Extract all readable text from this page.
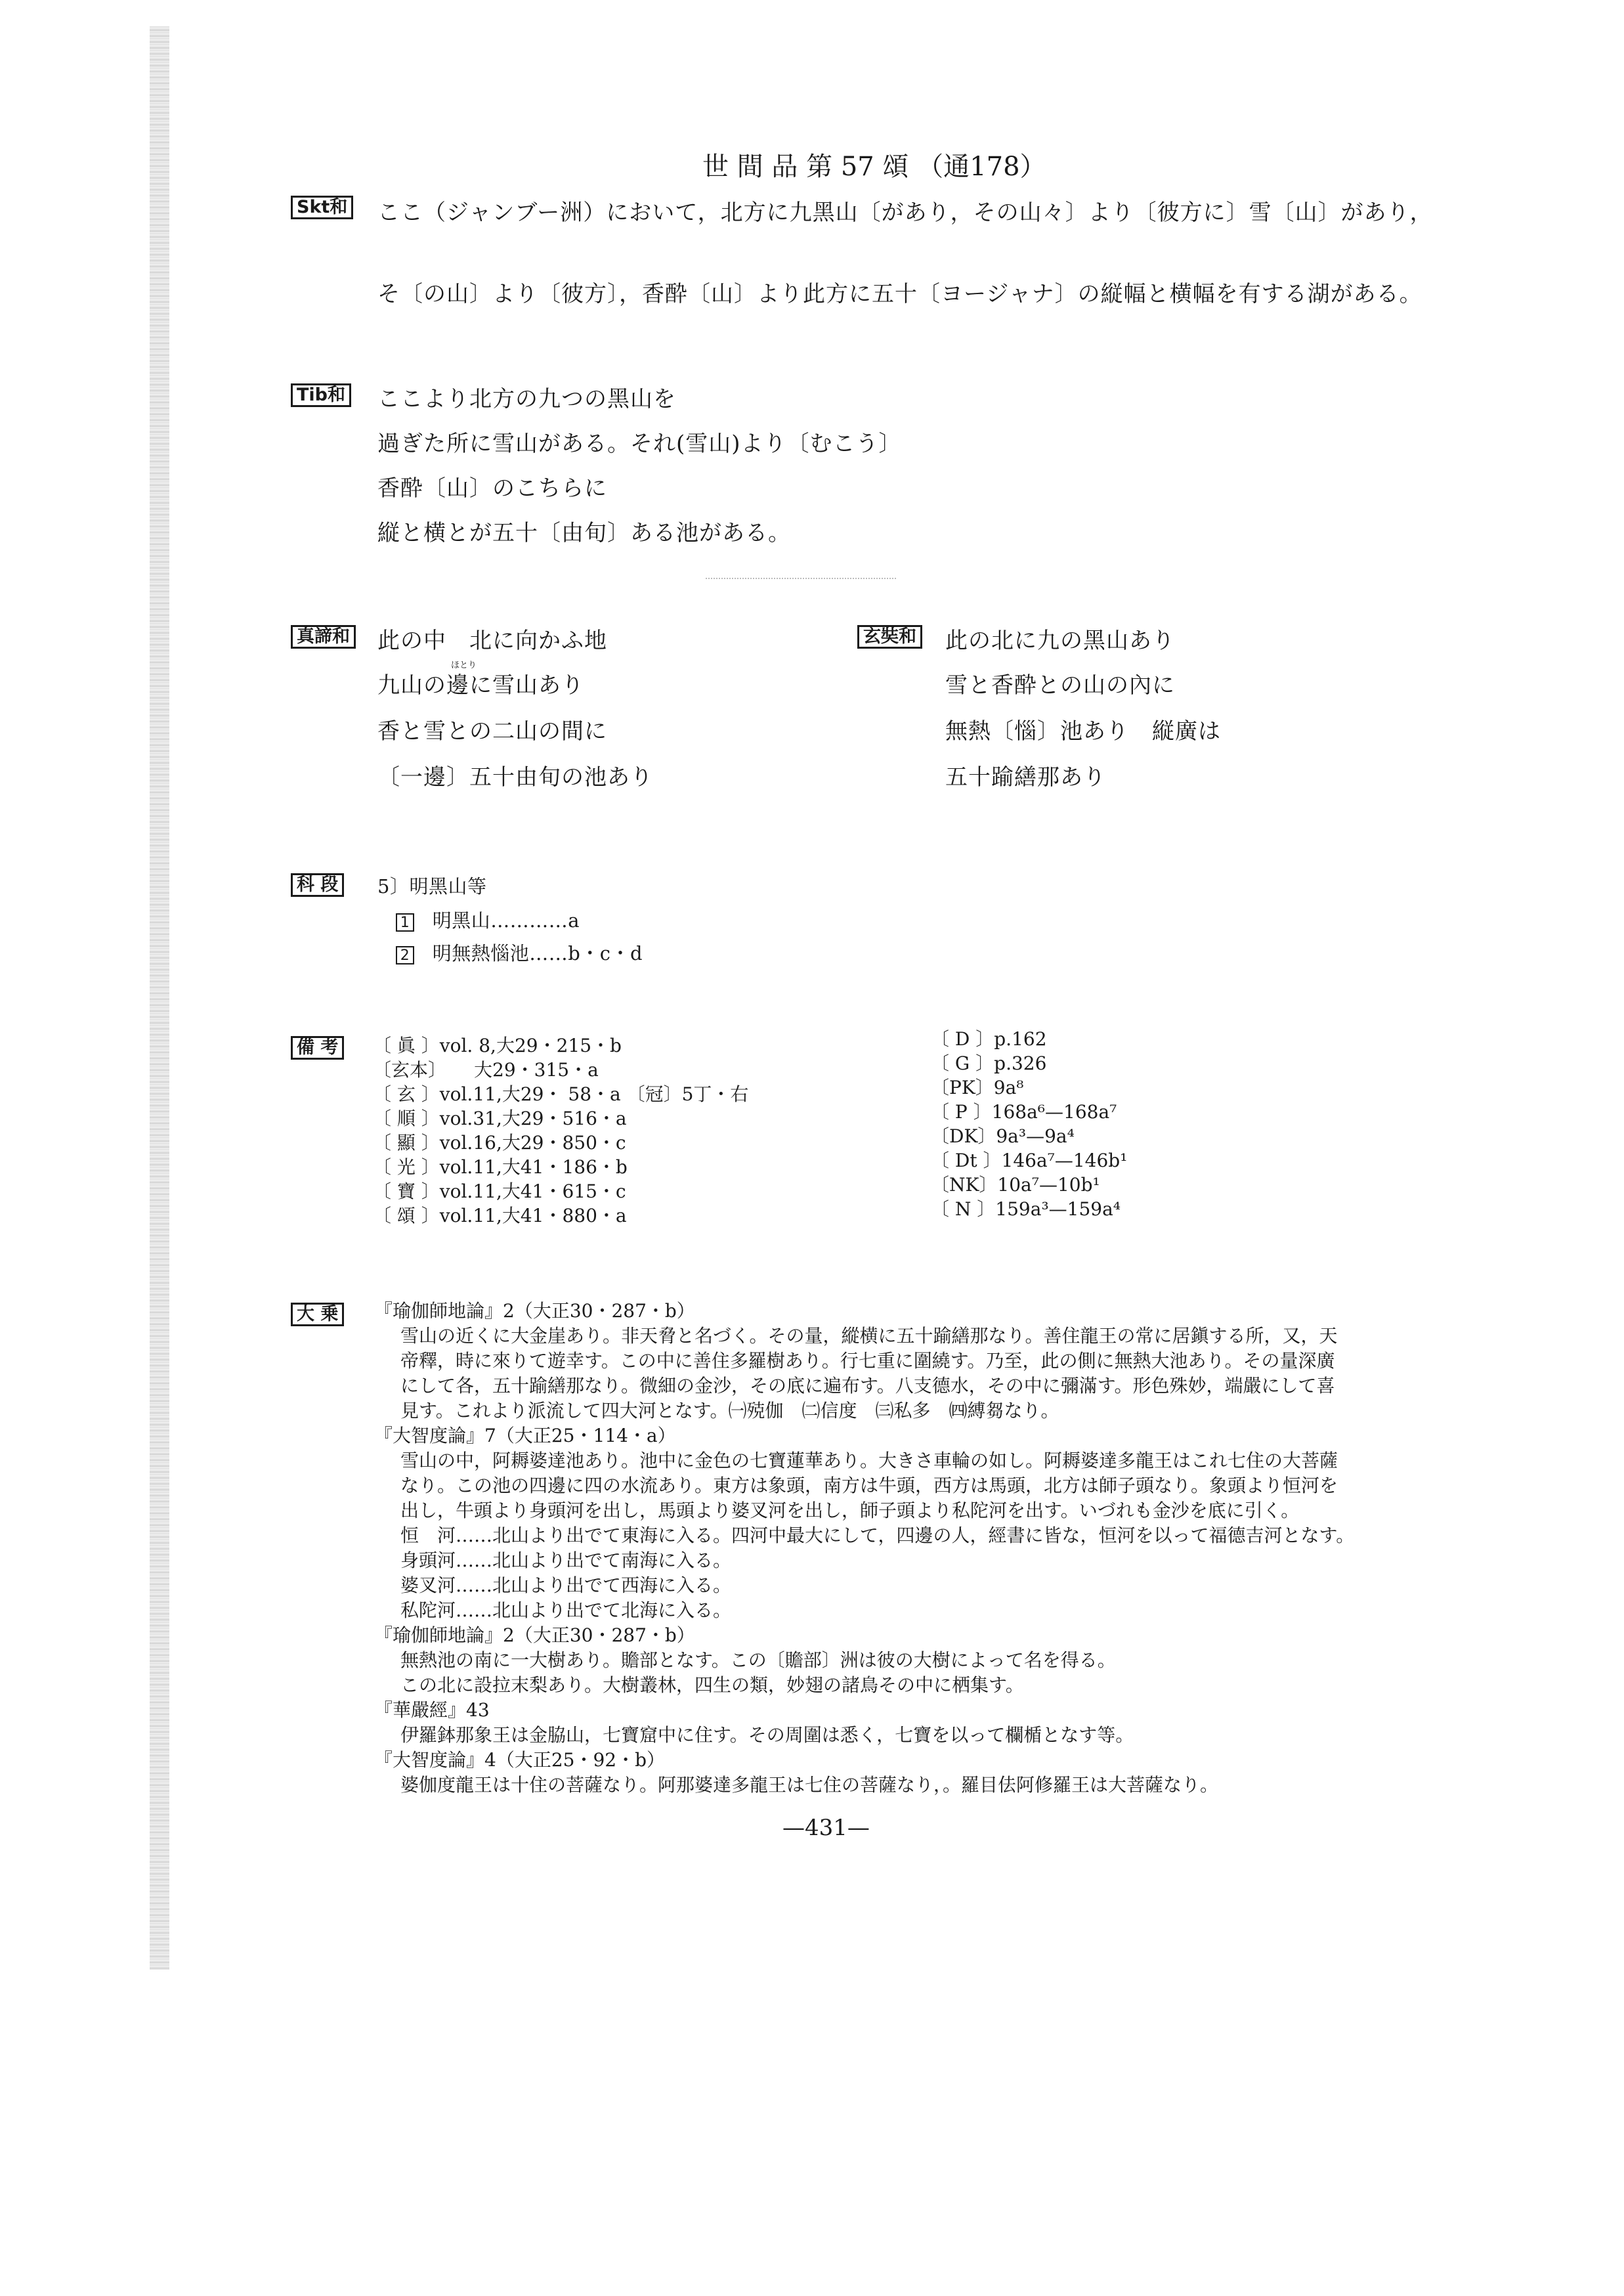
世 間 品 第 57 頌 （通178）
Skt和 ここ（ジャンブー洲）において，北方に九黑山〔があり，その山々〕より〔彼方に〕雪〔山〕があり，
そ〔の山〕より〔彼方〕，香酔〔山〕より此方に五十〔ヨージャナ〕の縦幅と横幅を有する湖がある。
Tib和 ここより北方の九つの黑山を
過ぎた所に雪山がある。それ(雪山)より〔むこう〕
香酔〔山〕のこちらに
縦と横とが五十〔由旬〕ある池がある。
真諦和 此の中　北に向かふ地
ほとり
九山の邊に雪山あり
香と雪との二山の間に
〔一邊〕五十由旬の池あり
玄奘和 此の北に九の黑山あり
雪と香酔との山の內に
無熱〔惱〕池あり　縦廣は
五十踰繕那あり
科 段	5〕明黑山等
1 明黑山…………a
2 明無熱惱池……b・c・d
備 考	〔 眞 〕vol. 8,大29・215・b
〔玄本〕　　大29・315・a
〔 玄 〕vol.11,大29・ 58・a 〔冠〕5丁・右
〔 順 〕vol.31,大29・516・a
〔 顯 〕vol.16,大29・850・c
〔 光 〕vol.11,大41・186・b
〔 寶 〕vol.11,大41・615・c
〔 頌 〕vol.11,大41・880・a
〔 D 〕p.162
〔 G 〕p.326
〔PK〕9a⁸
〔 P 〕168a⁶—168a⁷
〔DK〕9a³—9a⁴
〔 Dt 〕146a⁷—146b¹
〔NK〕10a⁷—10b¹
〔 N 〕159a³—159a⁴
大 乗	『瑜伽師地論』2（大正30・287・b）
雪山の近くに大金崖あり。非天脅と名づく。その量，縱横に五十踰繕那なり。善住龍王の常に居鎭する所，又，天
帝釋，時に來りて遊幸す。この中に善住多羅樹あり。行七重に圍繞す。乃至，此の側に無熱大池あり。その量深廣
にして各，五十踰繕那なり。微細の金沙，その底に遍布す。八支德水，その中に彌滿す。形色殊妙，端嚴にして喜
見す。これより派流して四大河となす。㈠殑伽　㈡信度　㈢私多　㈣縛芻なり。
『大智度論』7（大正25・114・a）
雪山の中，阿耨婆達池あり。池中に金色の七寶蓮華あり。大きさ車輪の如し。阿耨婆達多龍王はこれ七住の大菩薩
なり。この池の四邊に四の水流あり。東方は象頭，南方は牛頭，西方は馬頭，北方は師子頭なり。象頭より恒河を
出し，牛頭より身頭河を出し，馬頭より婆叉河を出し，師子頭より私陀河を出す。いづれも金沙を底に引く。
恒　河……北山より出でて東海に入る。四河中最大にして，四邊の人，經書に皆な，恒河を以って福德吉河となす。
身頭河……北山より出でて南海に入る。
婆叉河……北山より出でて西海に入る。
私陀河……北山より出でて北海に入る。
『瑜伽師地論』2（大正30・287・b）
無熱池の南に一大樹あり。贍部となす。この〔贍部〕洲は彼の大樹によって名を得る。
この北に設拉末梨あり。大樹叢林，四生の類，妙翅の諸鳥その中に栖集す。
『華嚴經』43
伊羅鉢那象王は金脇山，七寶窟中に住す。その周圍は悉く，七寶を以って欄楯となす等。
『大智度論』4（大正25・92・b）
婆伽度龍王は十住の菩薩なり。阿那婆達多龍王は七住の菩薩なり，。羅目佉阿修羅王は大菩薩なり。
—431—
